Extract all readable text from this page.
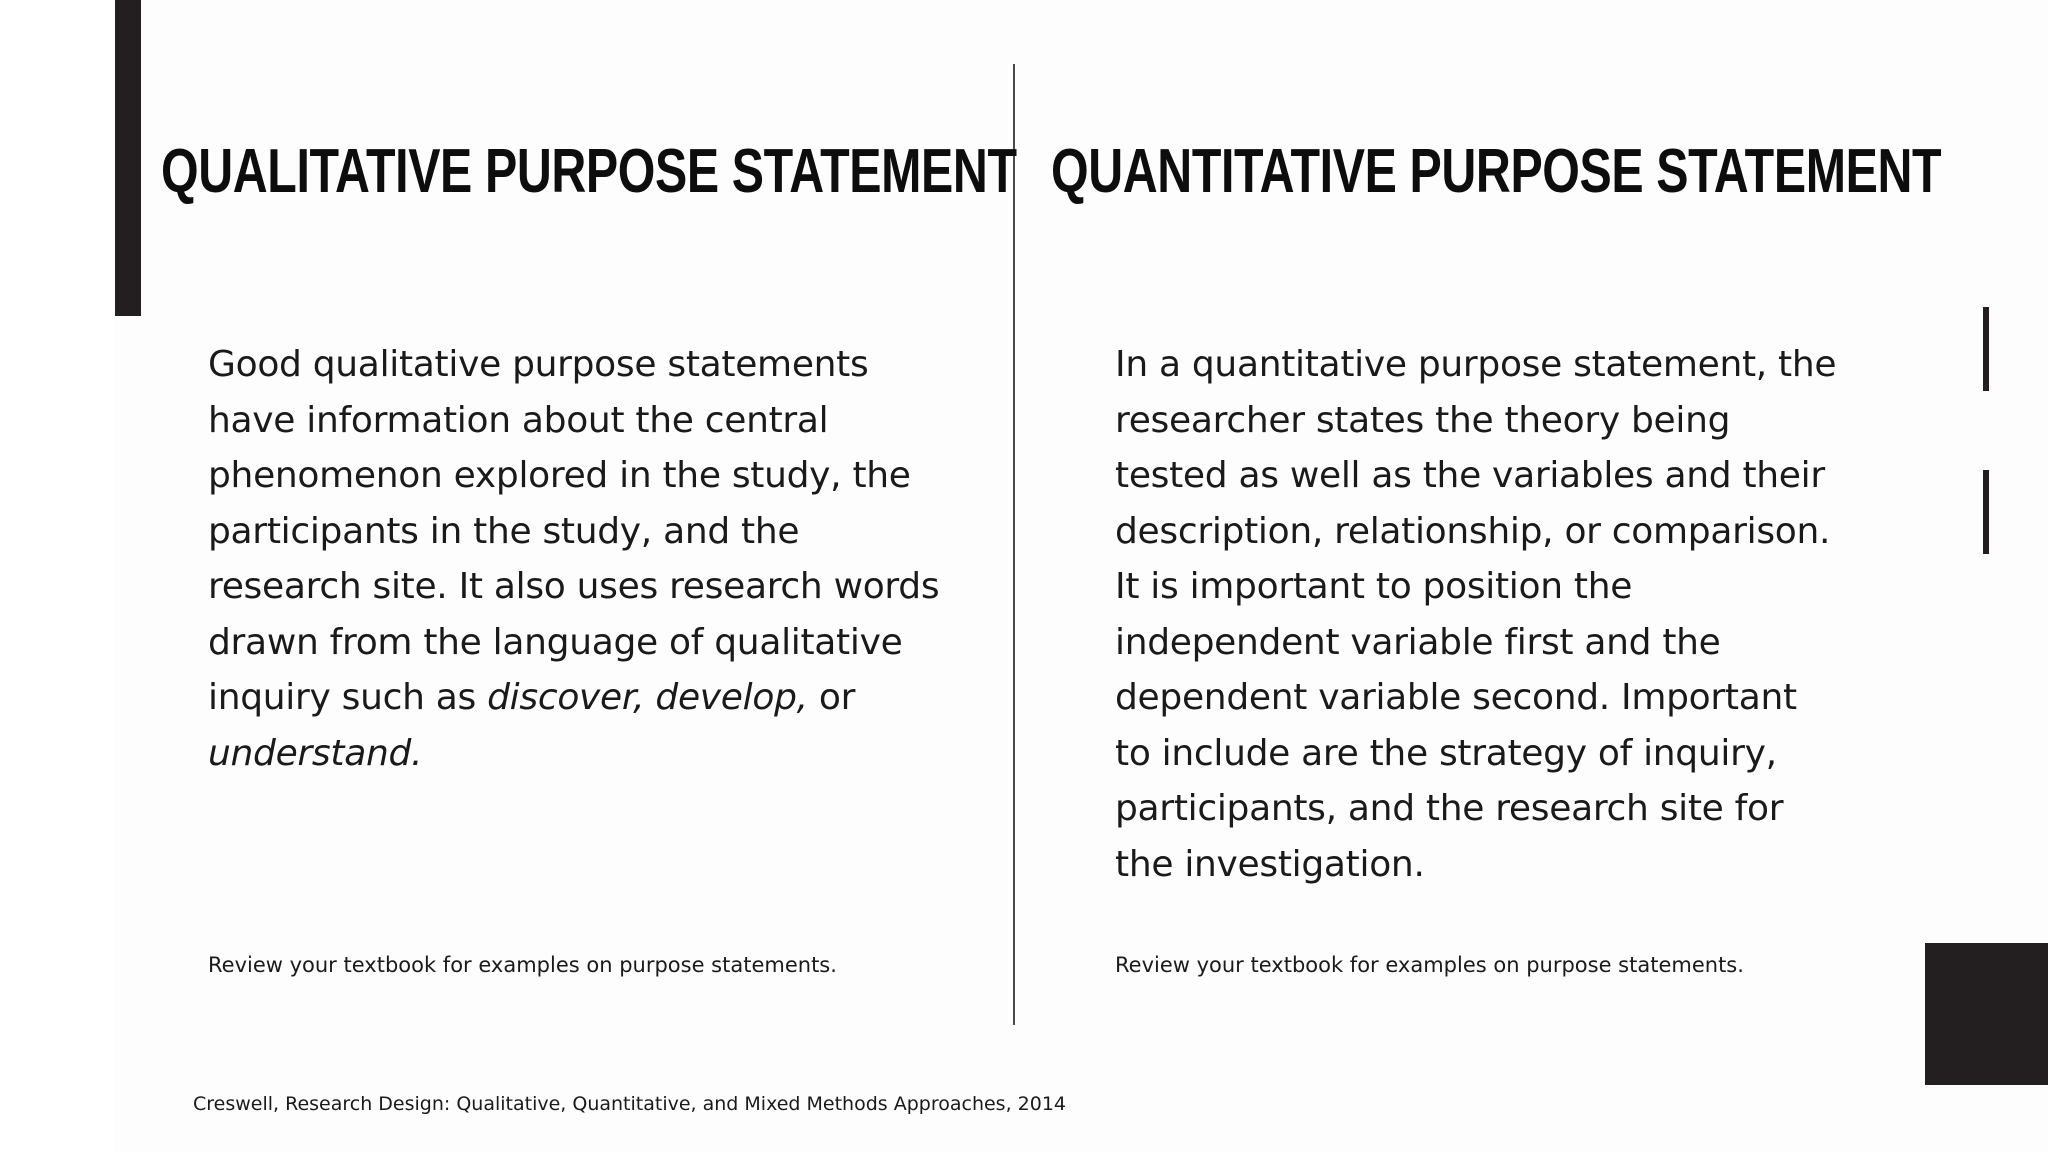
QUALITATIVE PURPOSE STATEMENT QUANTITATIVE PURPOSE STATEMENT

Good qualitative purpose statements
have information about the central
phenomenon explored in the study, the
participants in the study, and the
research site. It also uses research words
drawn from the language of qualitative
inquiry such as discover, develop, or
understand.

In a quantitative purpose statement, the
researcher states the theory being
tested as well as the variables and their
description, relationship, or comparison.
It is important to position the
independent variable first and the
dependent variable second. Important
to include are the strategy of inquiry,
participants, and the research site for
the investigation.

Review your textbook for examples on purpose statements.	Review your textbook for examples on purpose statements.

Creswell, Research Design: Qualitative, Quantitative, and Mixed Methods Approaches, 2014
